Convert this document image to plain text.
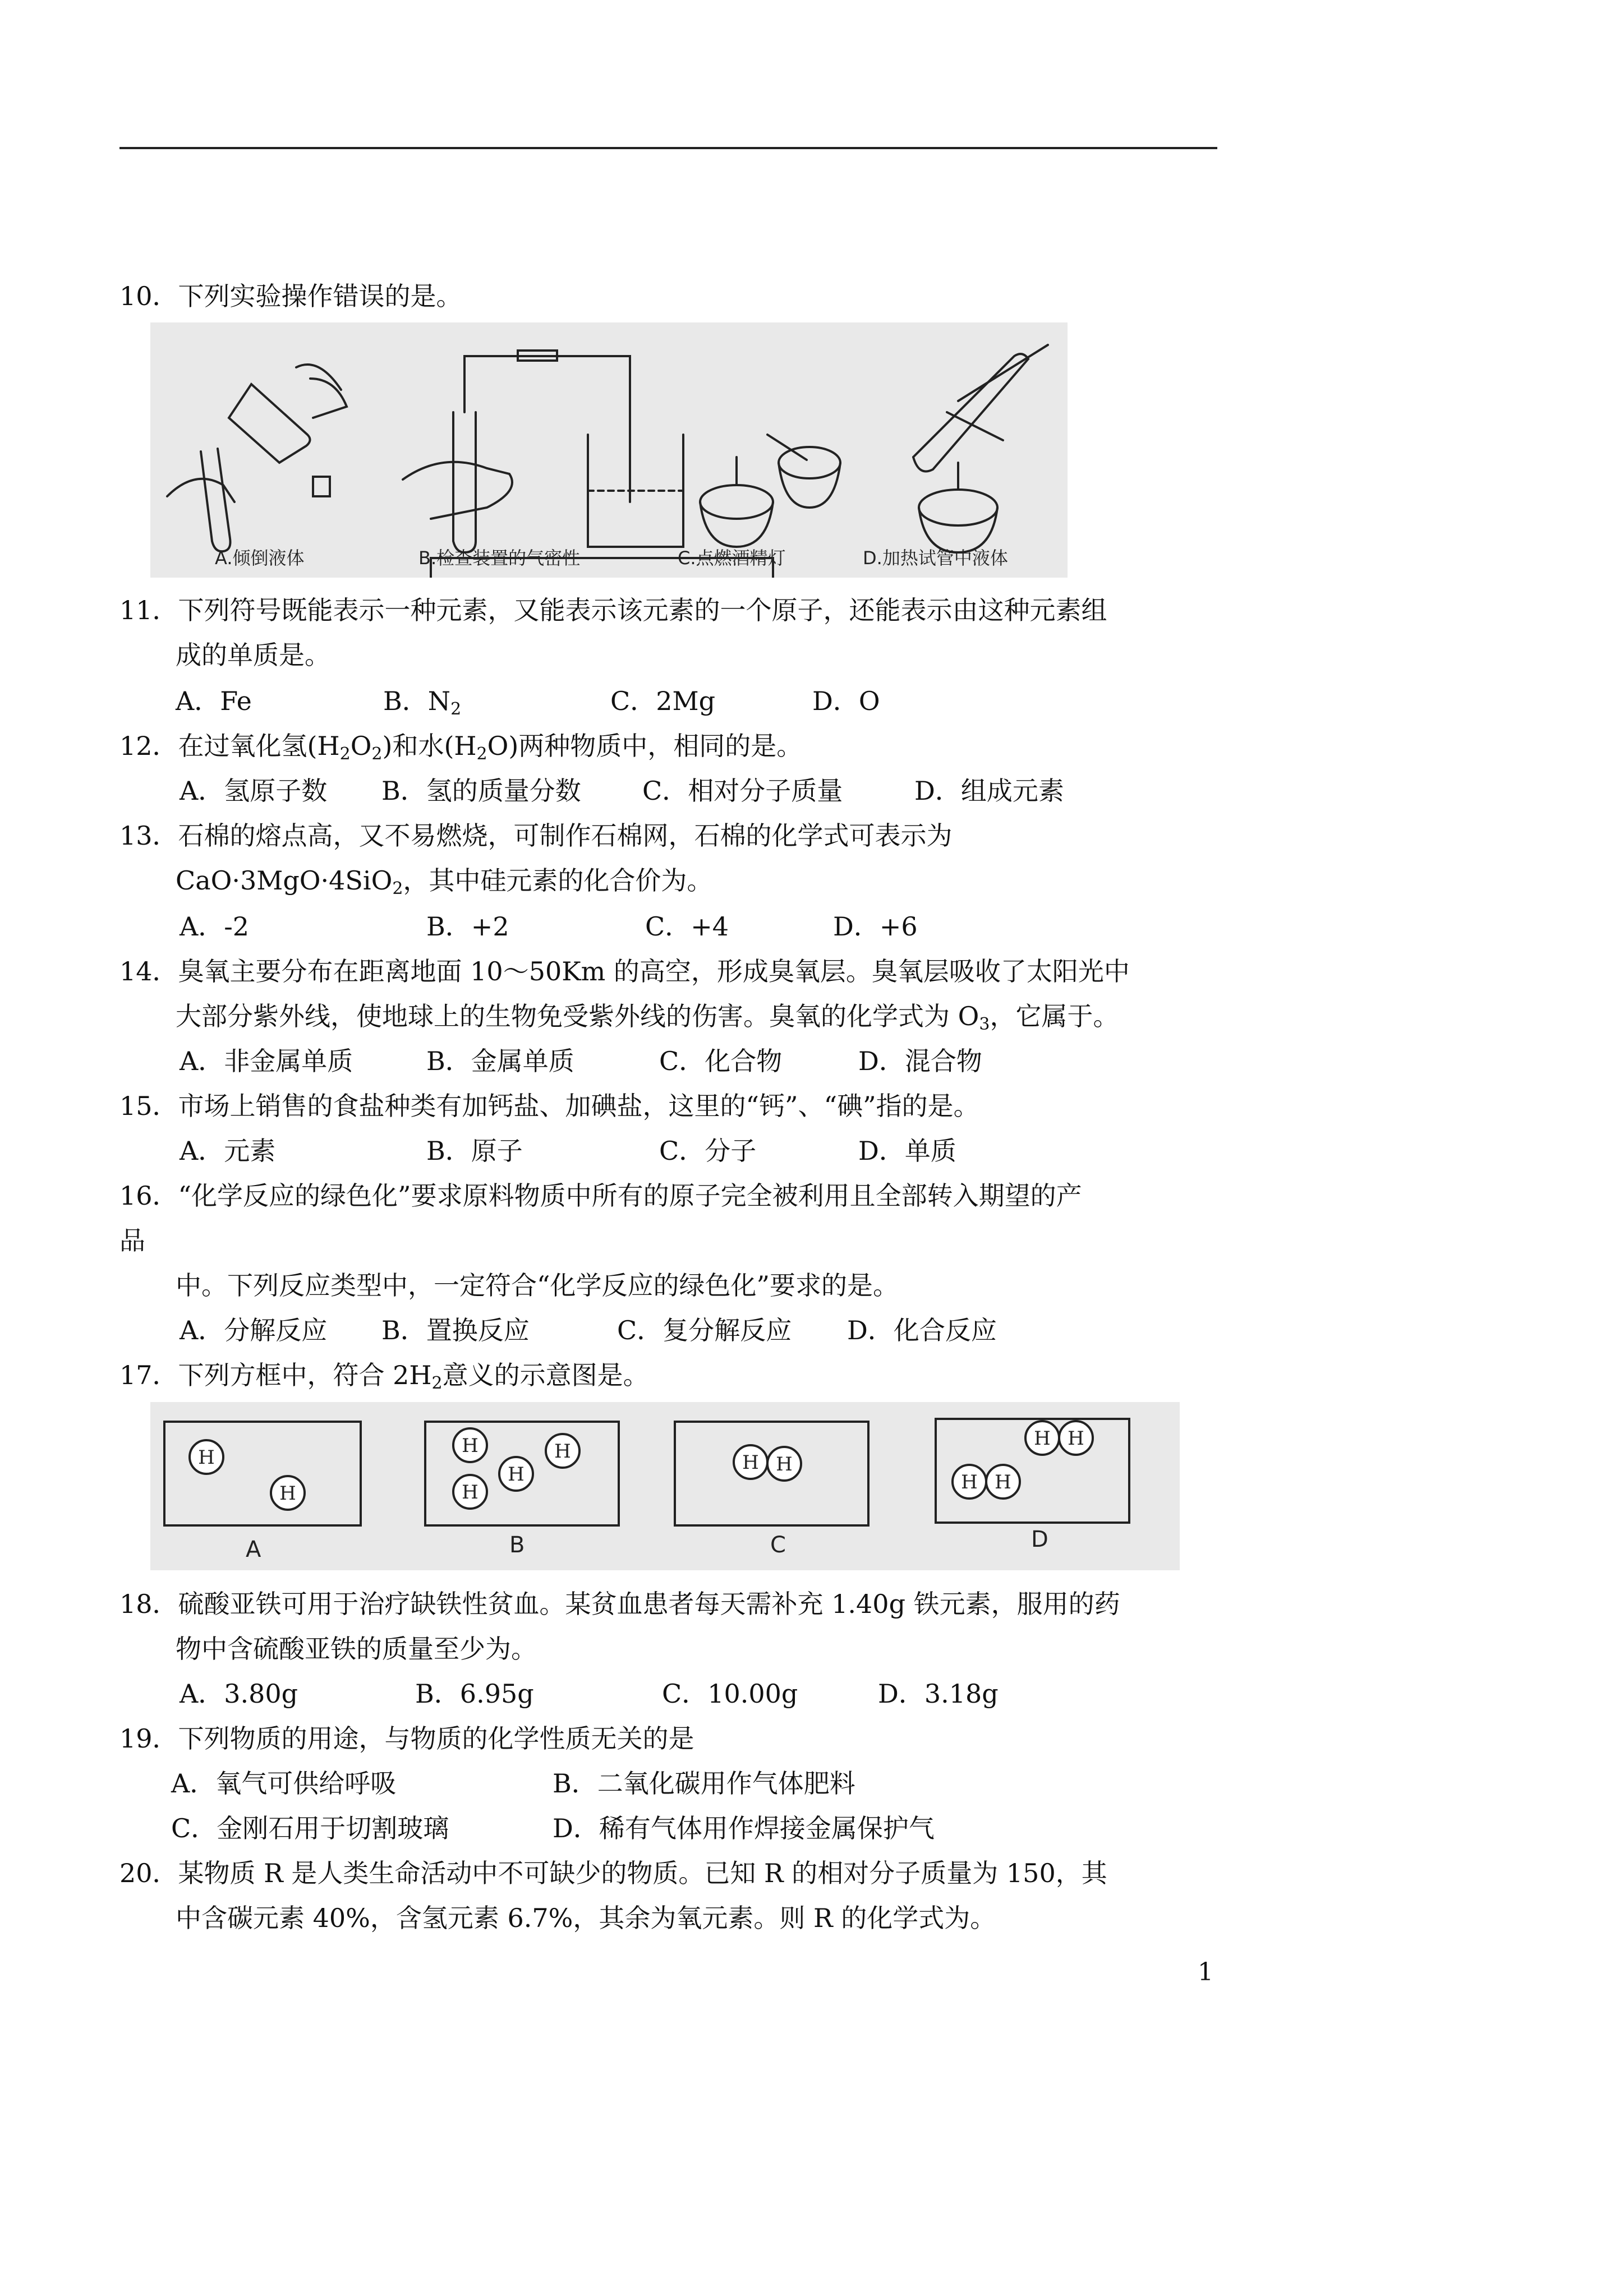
10．下列实验操作错误的是。
A.倾倒液体	B.检查装置的气密性	C.点燃酒精灯	D.加热试管中液体
11．下列符号既能表示一种元素，又能表示该元素的一个原子，还能表示由这种元素组
成的单质是。
A．Fe	B．$N_2$	C．2Mg	D．O
12．在过氧化氢$(H_2O_2)$和水$(H_2O)$两种物质中，相同的是。
A．氢原子数 B．氢的质量分数 C．相对分子质量	D．组成元素
13．石棉的熔点高，又不易燃烧，可制作石棉网，石棉的化学式可表示为
CaO·3MgO·4SiO$_2$，其中硅元素的化合价为。
A．-2	B．+2	C．+4	D．+6
14．臭氧主要分布在距离地面 10～50Km 的高空，形成臭氧层。臭氧层吸收了太阳光中
大部分紫外线，使地球上的生物免受紫外线的伤害。臭氧的化学式为 $O_3$，它属于。
A．非金属单质	B．金属单质	C．化合物	D．混合物
15．市场上销售的食盐种类有加钙盐、加碘盐，这里的“钙”、“碘”指的是。
A．元素	B．原子	C．分子	D．单质
16．“化学反应的绿色化”要求原料物质中所有的原子完全被利用且全部转入期望的产
品
中。下列反应类型中，一定符合“化学反应的绿色化”要求的是。
A．分解反应 B．置换反应	C．复分解反应 D．化合反应
17．下列方框中，符合 $2H_2$意义的示意图是。
H
H
H	H
H
H
H H
H H
H H
A	B	C	D
18．硫酸亚铁可用于治疗缺铁性贫血。某贫血患者每天需补充 1.40g 铁元素，服用的药
物中含硫酸亚铁的质量至少为。
A．3.80g	B．6.95g	C．10.00g	D．3.18g
19．下列物质的用途，与物质的化学性质无关的是
A．氧气可供给呼吸	B．二氧化碳用作气体肥料
C．金刚石用于切割玻璃	D．稀有气体用作焊接金属保护气
20．某物质 R 是人类生命活动中不可缺少的物质。已知 R 的相对分子质量为 150，其
中含碳元素 40%，含氢元素 6.7%，其余为氧元素。则 R 的化学式为。
1
